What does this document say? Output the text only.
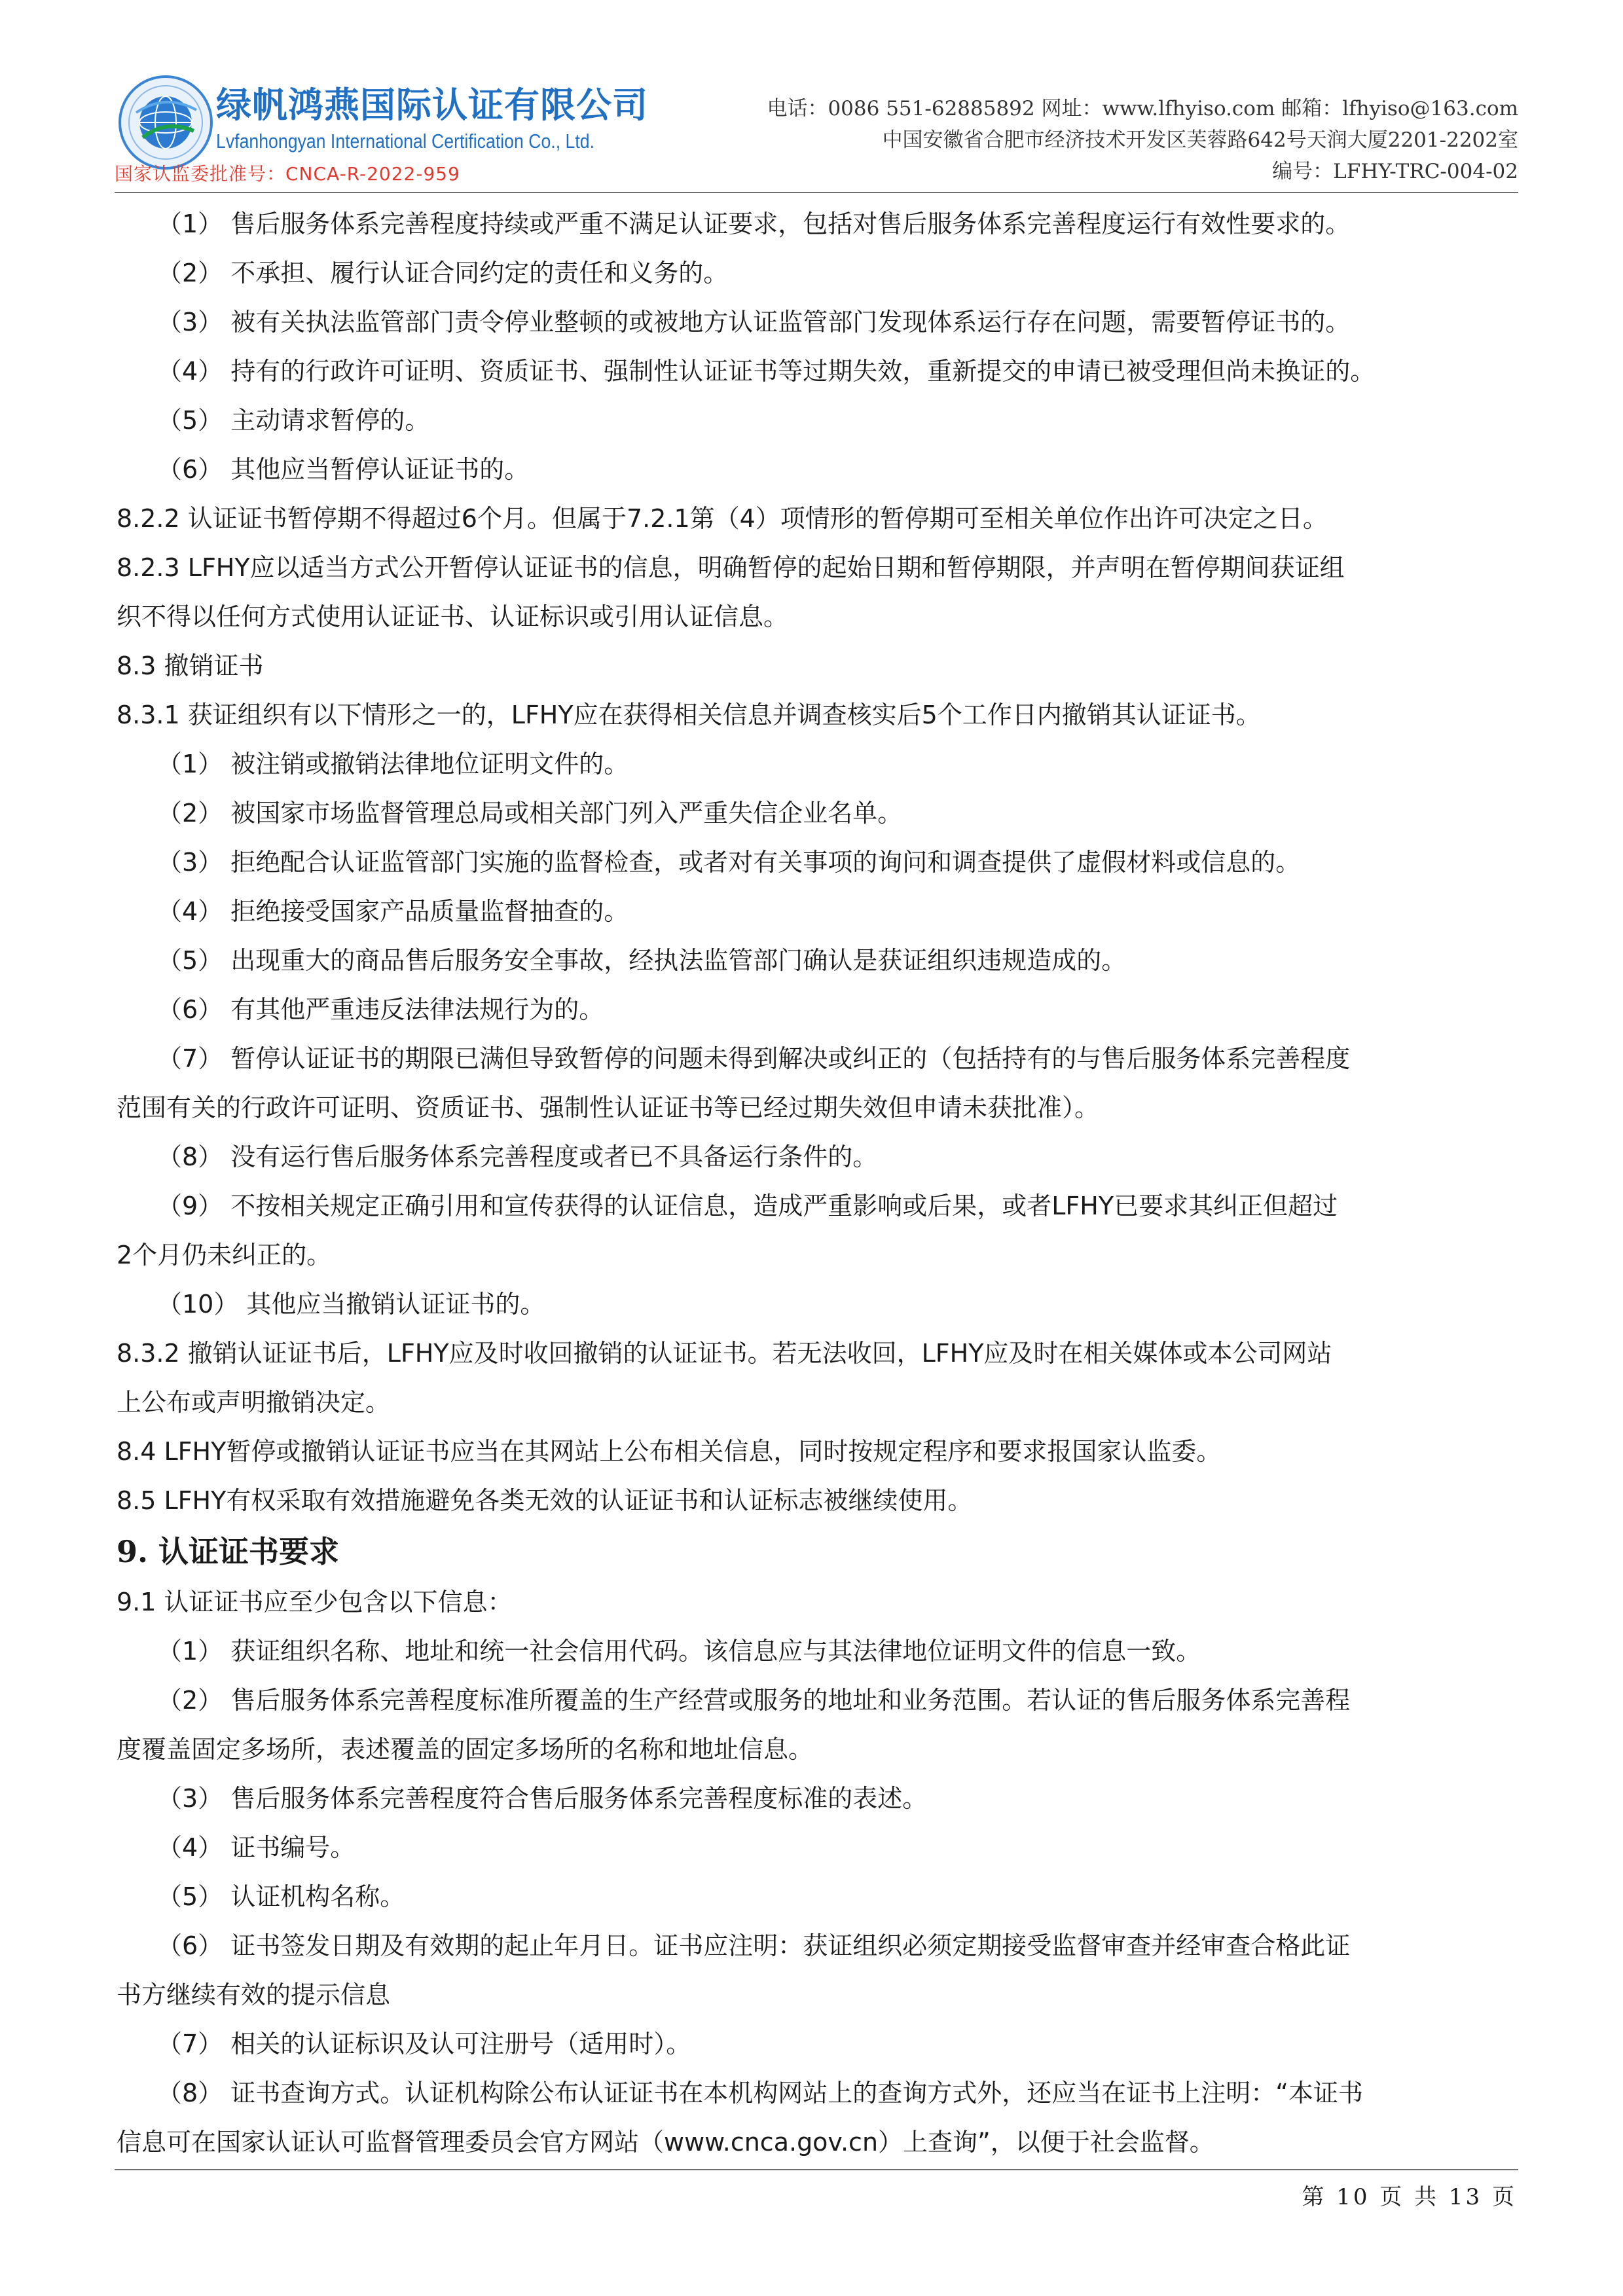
绿帆鸿燕国际认证有限公司
Lvfanhongyan International Certification Co., Ltd.
国家认监委批准号：CNCA-R-2022-959
电话：0086 551-62885892 网址：www.lfhyiso.com 邮箱：lfhyiso@163.com
中国安徽省合肥市经济技术开发区芙蓉路642号天润大厦2201-2202室
编号：LFHY-TRC-004-02
（1） 售后服务体系完善程度持续或严重不满足认证要求，包括对售后服务体系完善程度运行有效性要求的。
（2） 不承担、履行认证合同约定的责任和义务的。
（3） 被有关执法监管部门责令停业整顿的或被地方认证监管部门发现体系运行存在问题，需要暂停证书的。
（4） 持有的行政许可证明、资质证书、强制性认证证书等过期失效，重新提交的申请已被受理但尚未换证的。
（5） 主动请求暂停的。
（6） 其他应当暂停认证证书的。
8.2.2 认证证书暂停期不得超过6个月。但属于7.2.1第（4）项情形的暂停期可至相关单位作出许可决定之日。
8.2.3 LFHY应以适当方式公开暂停认证证书的信息，明确暂停的起始日期和暂停期限，并声明在暂停期间获证组
织不得以任何方式使用认证证书、认证标识或引用认证信息。
8.3 撤销证书
8.3.1 获证组织有以下情形之一的，LFHY应在获得相关信息并调查核实后5个工作日内撤销其认证证书。
（1） 被注销或撤销法律地位证明文件的。
（2） 被国家市场监督管理总局或相关部门列入严重失信企业名单。
（3） 拒绝配合认证监管部门实施的监督检查，或者对有关事项的询问和调查提供了虚假材料或信息的。
（4） 拒绝接受国家产品质量监督抽查的。
（5） 出现重大的商品售后服务安全事故，经执法监管部门确认是获证组织违规造成的。
（6） 有其他严重违反法律法规行为的。
（7） 暂停认证证书的期限已满但导致暂停的问题未得到解决或纠正的（包括持有的与售后服务体系完善程度
范围有关的行政许可证明、资质证书、强制性认证证书等已经过期失效但申请未获批准）。
（8） 没有运行售后服务体系完善程度或者已不具备运行条件的。
（9） 不按相关规定正确引用和宣传获得的认证信息，造成严重影响或后果，或者LFHY已要求其纠正但超过
2个月仍未纠正的。
（10） 其他应当撤销认证证书的。
8.3.2 撤销认证证书后，LFHY应及时收回撤销的认证证书。若无法收回，LFHY应及时在相关媒体或本公司网站
上公布或声明撤销决定。
8.4 LFHY暂停或撤销认证证书应当在其网站上公布相关信息，同时按规定程序和要求报国家认监委。
8.5 LFHY有权采取有效措施避免各类无效的认证证书和认证标志被继续使用。
9. 认证证书要求
9.1 认证证书应至少包含以下信息：
（1） 获证组织名称、地址和统一社会信用代码。该信息应与其法律地位证明文件的信息一致。
（2） 售后服务体系完善程度标准所覆盖的生产经营或服务的地址和业务范围。若认证的售后服务体系完善程
度覆盖固定多场所，表述覆盖的固定多场所的名称和地址信息。
（3） 售后服务体系完善程度符合售后服务体系完善程度标准的表述。
（4） 证书编号。
（5） 认证机构名称。
（6） 证书签发日期及有效期的起止年月日。证书应注明：获证组织必须定期接受监督审查并经审查合格此证
书方继续有效的提示信息
（7） 相关的认证标识及认可注册号（适用时）。
（8） 证书查询方式。认证机构除公布认证证书在本机构网站上的查询方式外，还应当在证书上注明：“本证书
信息可在国家认证认可监督管理委员会官方网站（www.cnca.gov.cn）上查询”，以便于社会监督。
第 10 页 共 13 页
